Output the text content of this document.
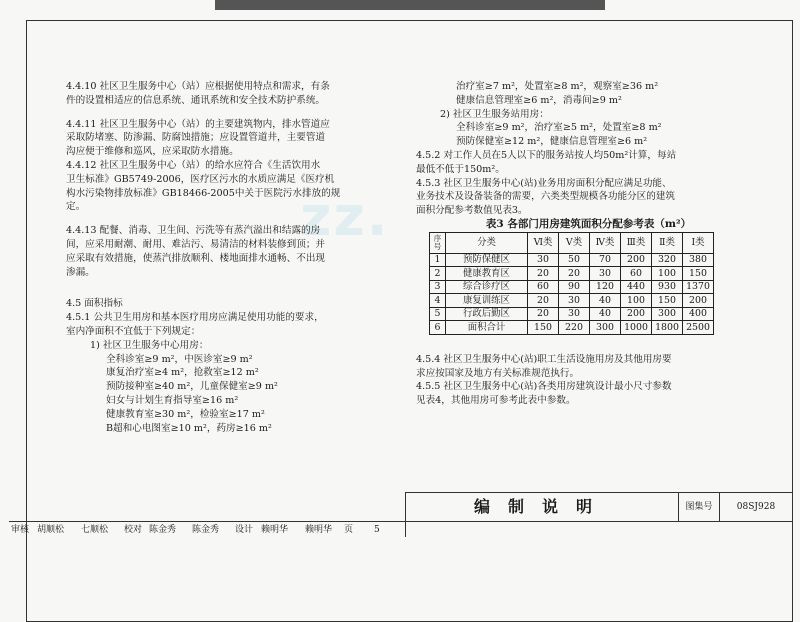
zz.

4.4.10 社区卫生服务中心（站）应根据使用特点和需求，有条

件的设置相适应的信息系统、通讯系统和安全技术防护系统。

4.4.11 社区卫生服务中心（站）的主要建筑物内，排水管道应

采取防堵塞、防渗漏、防腐蚀措施；应设置管道井，主要管道

沟应便于维修和巡风，应采取防水措施。

4.4.12 社区卫生服务中心（站）的给水应符合《生活饮用水

卫生标准》GB5749-2006，医疗区污水的水质应满足《医疗机

构水污染物排放标准》GB18466-2005中关于医院污水排放的规

定。

4.4.13 配餐、消毒、卫生间、污洗等有蒸汽溢出和结露的房

间，应采用耐潮、耐用、难沾污、易清洁的材料装修到顶；并

应采取有效措施，使蒸汽排放顺利、楼地面排水通畅、不出现

渗漏。

4.5 面积指标

4.5.1 公共卫生用房和基本医疗用房应满足使用功能的要求，

室内净面积不宜低于下列规定：

1) 社区卫生服务中心用房：

全科诊室≥9 m²，中医诊室≥9 m²

康复治疗室≥4 m²，抢救室≥12 m²

预防接种室≥40 m²，儿童保健室≥9 m²

妇女与计划生育指导室≥16 m²

健康教育室≥30 m²，检验室≥17 m²

B超和心电图室≥10 m²，药房≥16 m²

治疗室≥7 m²，处置室≥8 m²，观察室≥36 m²

健康信息管理室≥6 m²，消毒间≥9 m²

2) 社区卫生服务站用房：

全科诊室≥9 m²，治疗室≥5 m²，处置室≥8 m²

预防保健室≥12 m²，健康信息管理室≥6 m²

4.5.2 对工作人员在5人以下的服务站按人均50m²计算，每站

最低不低于150m²。

4.5.3 社区卫生服务中心(站)业务用房面积分配应满足功能、

业务技术及设备装备的需要，六类类型规模各功能分区的建筑

面积分配参考数值见表3。

表3 各部门用房建筑面积分配参考表（m²）

序号	分类	Ⅵ类	Ⅴ类	Ⅳ类	Ⅲ类	Ⅱ类	Ⅰ类
1	预防保健区	30	50	70	200	320	380
2	健康教育区	20	20	30	60	100	150
3	综合诊疗区	60	90	120	440	930	1370
4	康复训练区	20	30	40	100	150	200
5	行政后勤区	20	30	40	200	300	400
6	面积合计	150	220	300	1000	1800	2500

4.5.4 社区卫生服务中心(站)职工生活设施用房及其他用房要

求应按国家及地方有关标准规范执行。

4.5.5 社区卫生服务中心(站)各类用房建筑设计最小尺寸参数

见表4，其他用房可参考此表中参数。

编制说明	图集号	08SJ928
审核 胡顺松 七顺松 校对 陈金秀 陈金秀 设计 赖明华 赖明华 页 5
